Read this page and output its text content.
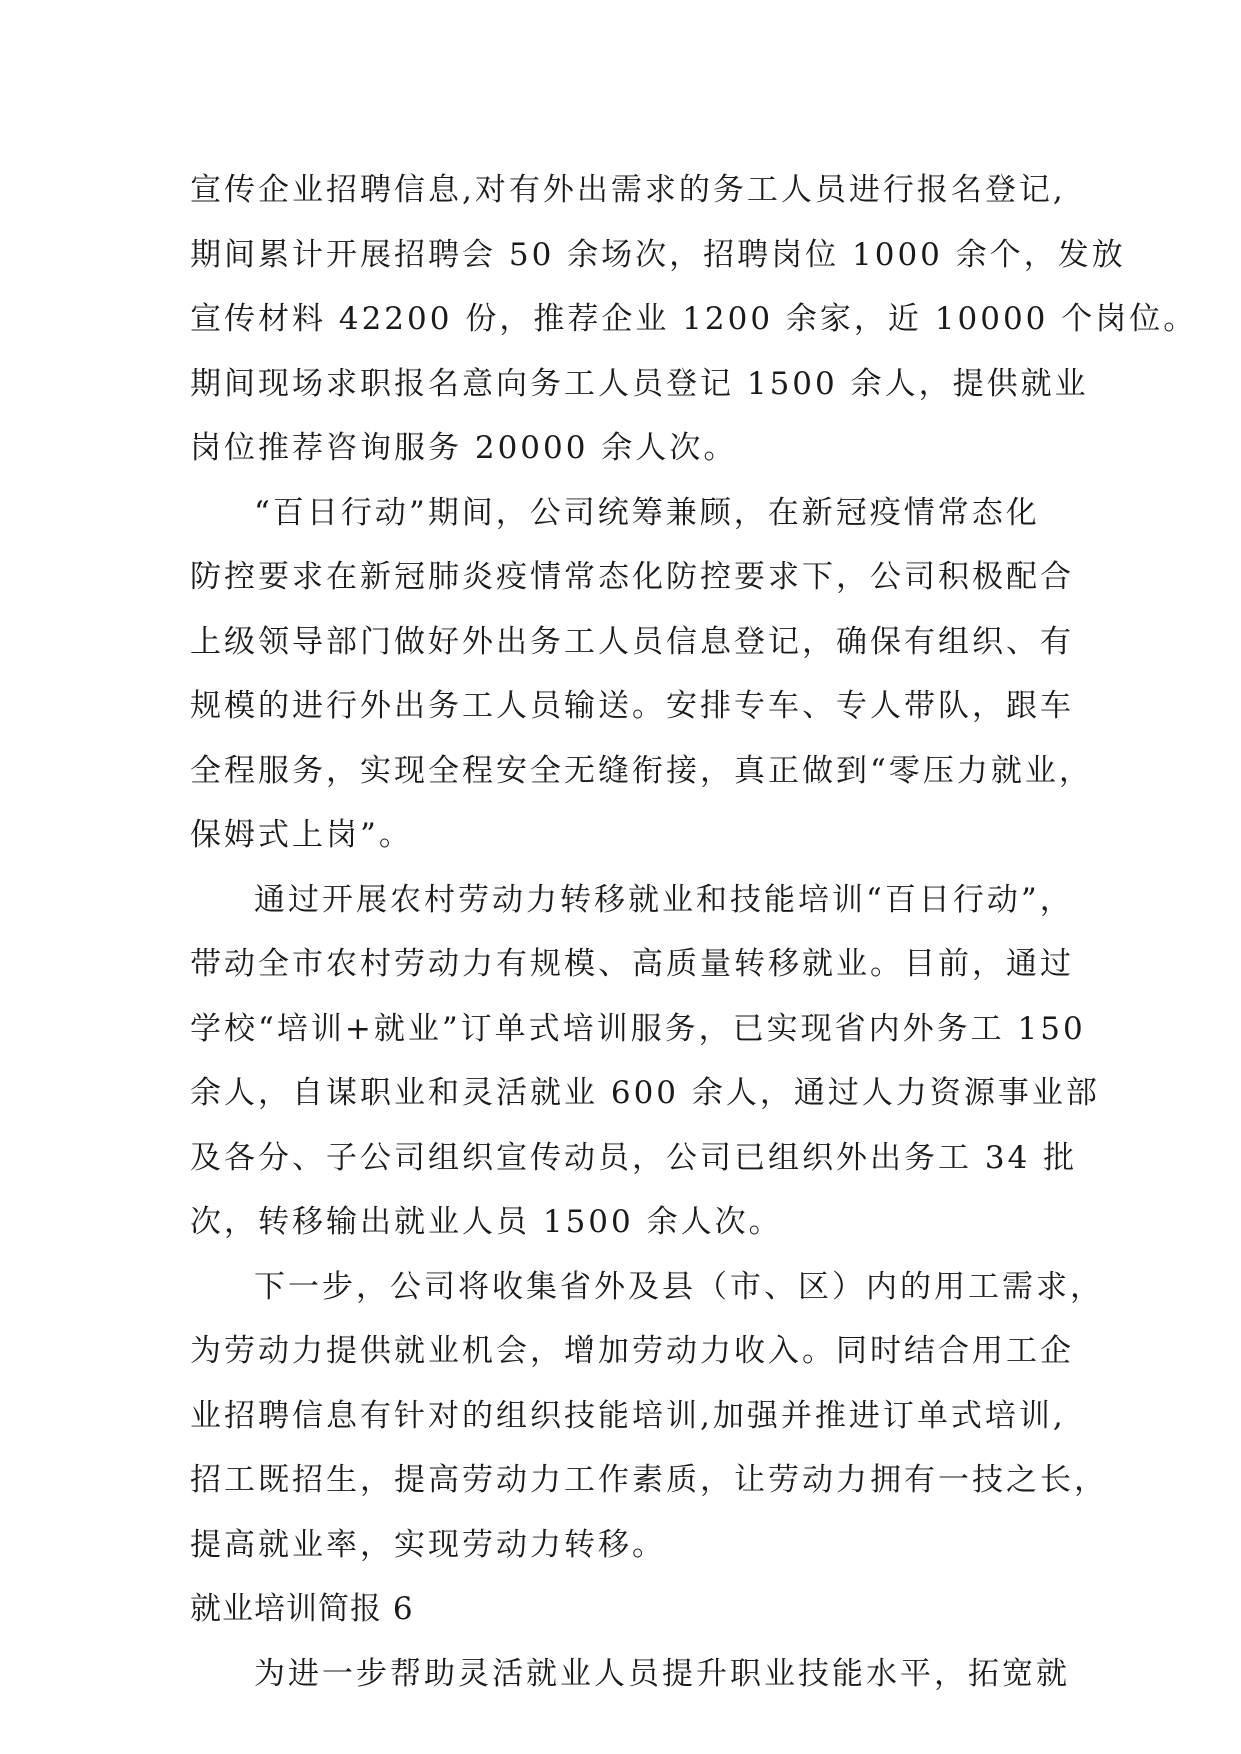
宣传企业招聘信息,对有外出需求的务工人员进行报名登记,
期间累计开展招聘会 50 余场次，招聘岗位 1000 余个，发放
宣传材料 42200 份，推荐企业 1200 余家，近 10000 个岗位。
期间现场求职报名意向务工人员登记 1500 余人，提供就业
岗位推荐咨询服务 20000 余人次。
“百日行动”期间，公司统筹兼顾，在新冠疫情常态化
防控要求在新冠肺炎疫情常态化防控要求下，公司积极配合
上级领导部门做好外出务工人员信息登记，确保有组织、有
规模的进行外出务工人员输送。安排专车、专人带队，跟车
全程服务，实现全程安全无缝衔接，真正做到“零压力就业，
保姆式上岗”。
通过开展农村劳动力转移就业和技能培训“百日行动”，
带动全市农村劳动力有规模、高质量转移就业。目前，通过
学校“培训+就业”订单式培训服务，已实现省内外务工 150
余人，自谋职业和灵活就业 600 余人，通过人力资源事业部
及各分、子公司组织宣传动员，公司已组织外出务工 34 批
次，转移输出就业人员 1500 余人次。
下一步，公司将收集省外及县（市、区）内的用工需求，
为劳动力提供就业机会，增加劳动力收入。同时结合用工企
业招聘信息有针对的组织技能培训,加强并推进订单式培训,
招工既招生，提高劳动力工作素质，让劳动力拥有一技之长，
提高就业率，实现劳动力转移。
就业培训简报 6
为进一步帮助灵活就业人员提升职业技能水平，拓宽就
